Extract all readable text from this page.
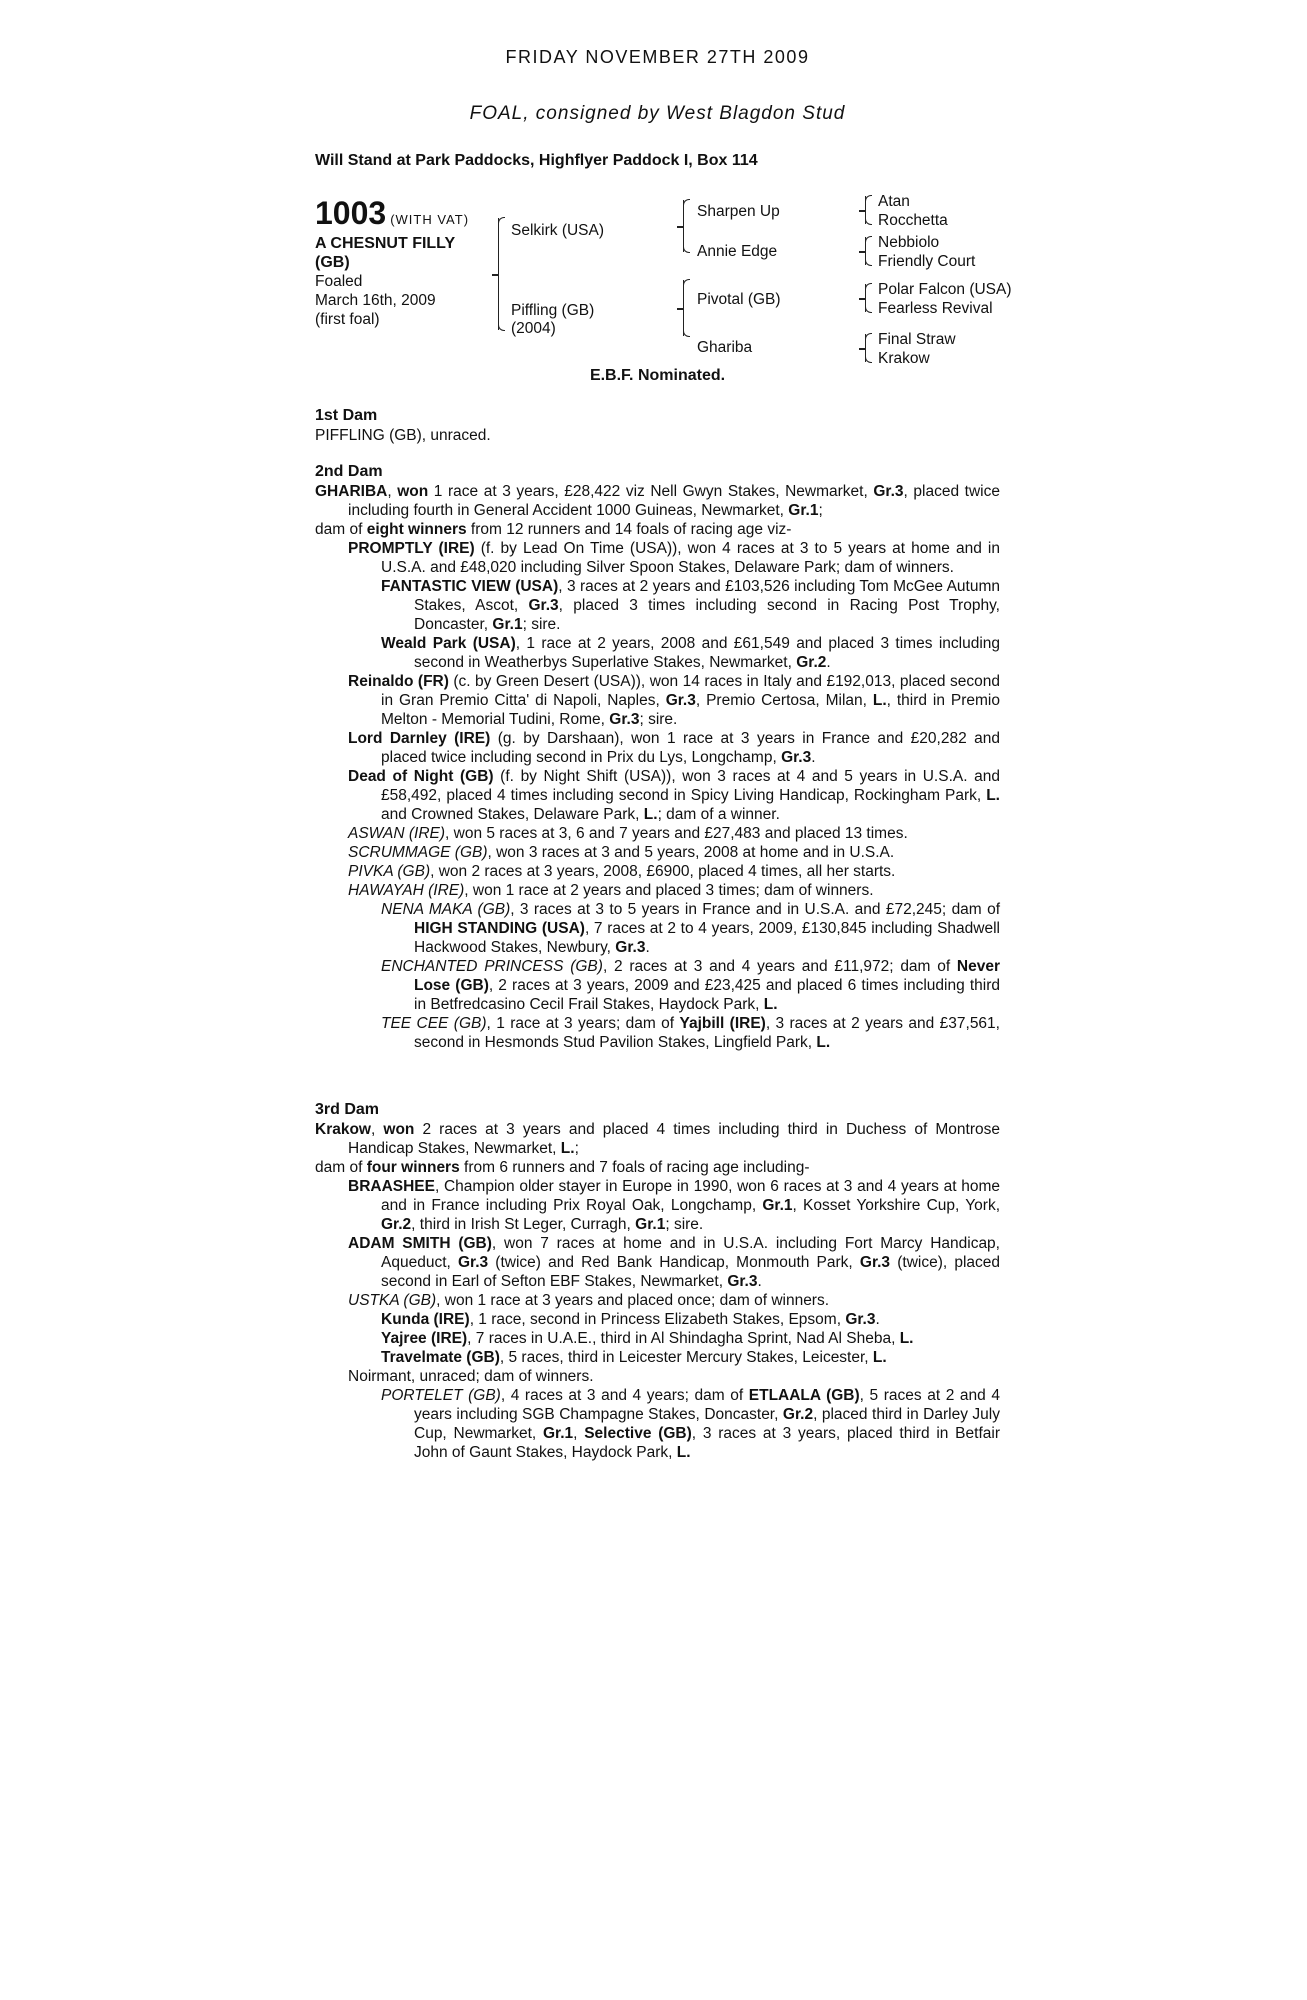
FRIDAY NOVEMBER 27TH 2009
FOAL, consigned by West Blagdon Stud
Will Stand at Park Paddocks, Highflyer Paddock I, Box 114
1003 (WITH VAT)
A CHESNUT FILLY
(GB)
Foaled
March 16th, 2009
(first foal)
Selkirk (USA)
Piffling (GB)
(2004)
Sharpen Up
Annie Edge
Pivotal (GB)
Ghariba
Atan
Rocchetta
Nebbiolo
Friendly Court
Polar Falcon (USA)
Fearless Revival
Final Straw
Krakow
E.B.F. Nominated.
1st Dam
PIFFLING (GB), unraced.
2nd Dam

GHARIBA, won 1 race at 3 years, £28,422 viz Nell Gwyn Stakes, Newmarket, Gr.3, placed twice including fourth in General Accident 1000 Guineas, Newmarket, Gr.1;

dam of eight winners from 12 runners and 14 foals of racing age viz-

PROMPTLY (IRE) (f. by Lead On Time (USA)), won 4 races at 3 to 5 years at home and in U.S.A. and £48,020 including Silver Spoon Stakes, Delaware Park; dam of winners.

FANTASTIC VIEW (USA), 3 races at 2 years and £103,526 including Tom McGee Autumn Stakes, Ascot, Gr.3, placed 3 times including second in Racing Post Trophy, Doncaster, Gr.1; sire.

Weald Park (USA), 1 race at 2 years, 2008 and £61,549 and placed 3 times including second in Weatherbys Superlative Stakes, Newmarket, Gr.2.

Reinaldo (FR) (c. by Green Desert (USA)), won 14 races in Italy and £192,013, placed second in Gran Premio Citta' di Napoli, Naples, Gr.3, Premio Certosa, Milan, L., third in Premio Melton - Memorial Tudini, Rome, Gr.3; sire.

Lord Darnley (IRE) (g. by Darshaan), won 1 race at 3 years in France and £20,282 and placed twice including second in Prix du Lys, Longchamp, Gr.3.

Dead of Night (GB) (f. by Night Shift (USA)), won 3 races at 4 and 5 years in U.S.A. and £58,492, placed 4 times including second in Spicy Living Handicap, Rockingham Park, L. and Crowned Stakes, Delaware Park, L.; dam of a winner.

ASWAN (IRE), won 5 races at 3, 6 and 7 years and £27,483 and placed 13 times.

SCRUMMAGE (GB), won 3 races at 3 and 5 years, 2008 at home and in U.S.A.

PIVKA (GB), won 2 races at 3 years, 2008, £6900, placed 4 times, all her starts.

HAWAYAH (IRE), won 1 race at 2 years and placed 3 times; dam of winners.

NENA MAKA (GB), 3 races at 3 to 5 years in France and in U.S.A. and £72,245; dam of HIGH STANDING (USA), 7 races at 2 to 4 years, 2009, £130,845 including Shadwell Hackwood Stakes, Newbury, Gr.3.

ENCHANTED PRINCESS (GB), 2 races at 3 and 4 years and £11,972; dam of Never Lose (GB), 2 races at 3 years, 2009 and £23,425 and placed 6 times including third in Betfredcasino Cecil Frail Stakes, Haydock Park, L.

TEE CEE (GB), 1 race at 3 years; dam of Yajbill (IRE), 3 races at 2 years and £37,561, second in Hesmonds Stud Pavilion Stakes, Lingfield Park, L.

3rd Dam

Krakow, won 2 races at 3 years and placed 4 times including third in Duchess of Montrose Handicap Stakes, Newmarket, L.;

dam of four winners from 6 runners and 7 foals of racing age including-

BRAASHEE, Champion older stayer in Europe in 1990, won 6 races at 3 and 4 years at home and in France including Prix Royal Oak, Longchamp, Gr.1, Kosset Yorkshire Cup, York, Gr.2, third in Irish St Leger, Curragh, Gr.1; sire.

ADAM SMITH (GB), won 7 races at home and in U.S.A. including Fort Marcy Handicap, Aqueduct, Gr.3 (twice) and Red Bank Handicap, Monmouth Park, Gr.3 (twice), placed second in Earl of Sefton EBF Stakes, Newmarket, Gr.3.

USTKA (GB), won 1 race at 3 years and placed once; dam of winners.

Kunda (IRE), 1 race, second in Princess Elizabeth Stakes, Epsom, Gr.3.

Yajree (IRE), 7 races in U.A.E., third in Al Shindagha Sprint, Nad Al Sheba, L.

Travelmate (GB), 5 races, third in Leicester Mercury Stakes, Leicester, L.

Noirmant, unraced; dam of winners.

PORTELET (GB), 4 races at 3 and 4 years; dam of ETLAALA (GB), 5 races at 2 and 4 years including SGB Champagne Stakes, Doncaster, Gr.2, placed third in Darley July Cup, Newmarket, Gr.1, Selective (GB), 3 races at 3 years, placed third in Betfair John of Gaunt Stakes, Haydock Park, L.
